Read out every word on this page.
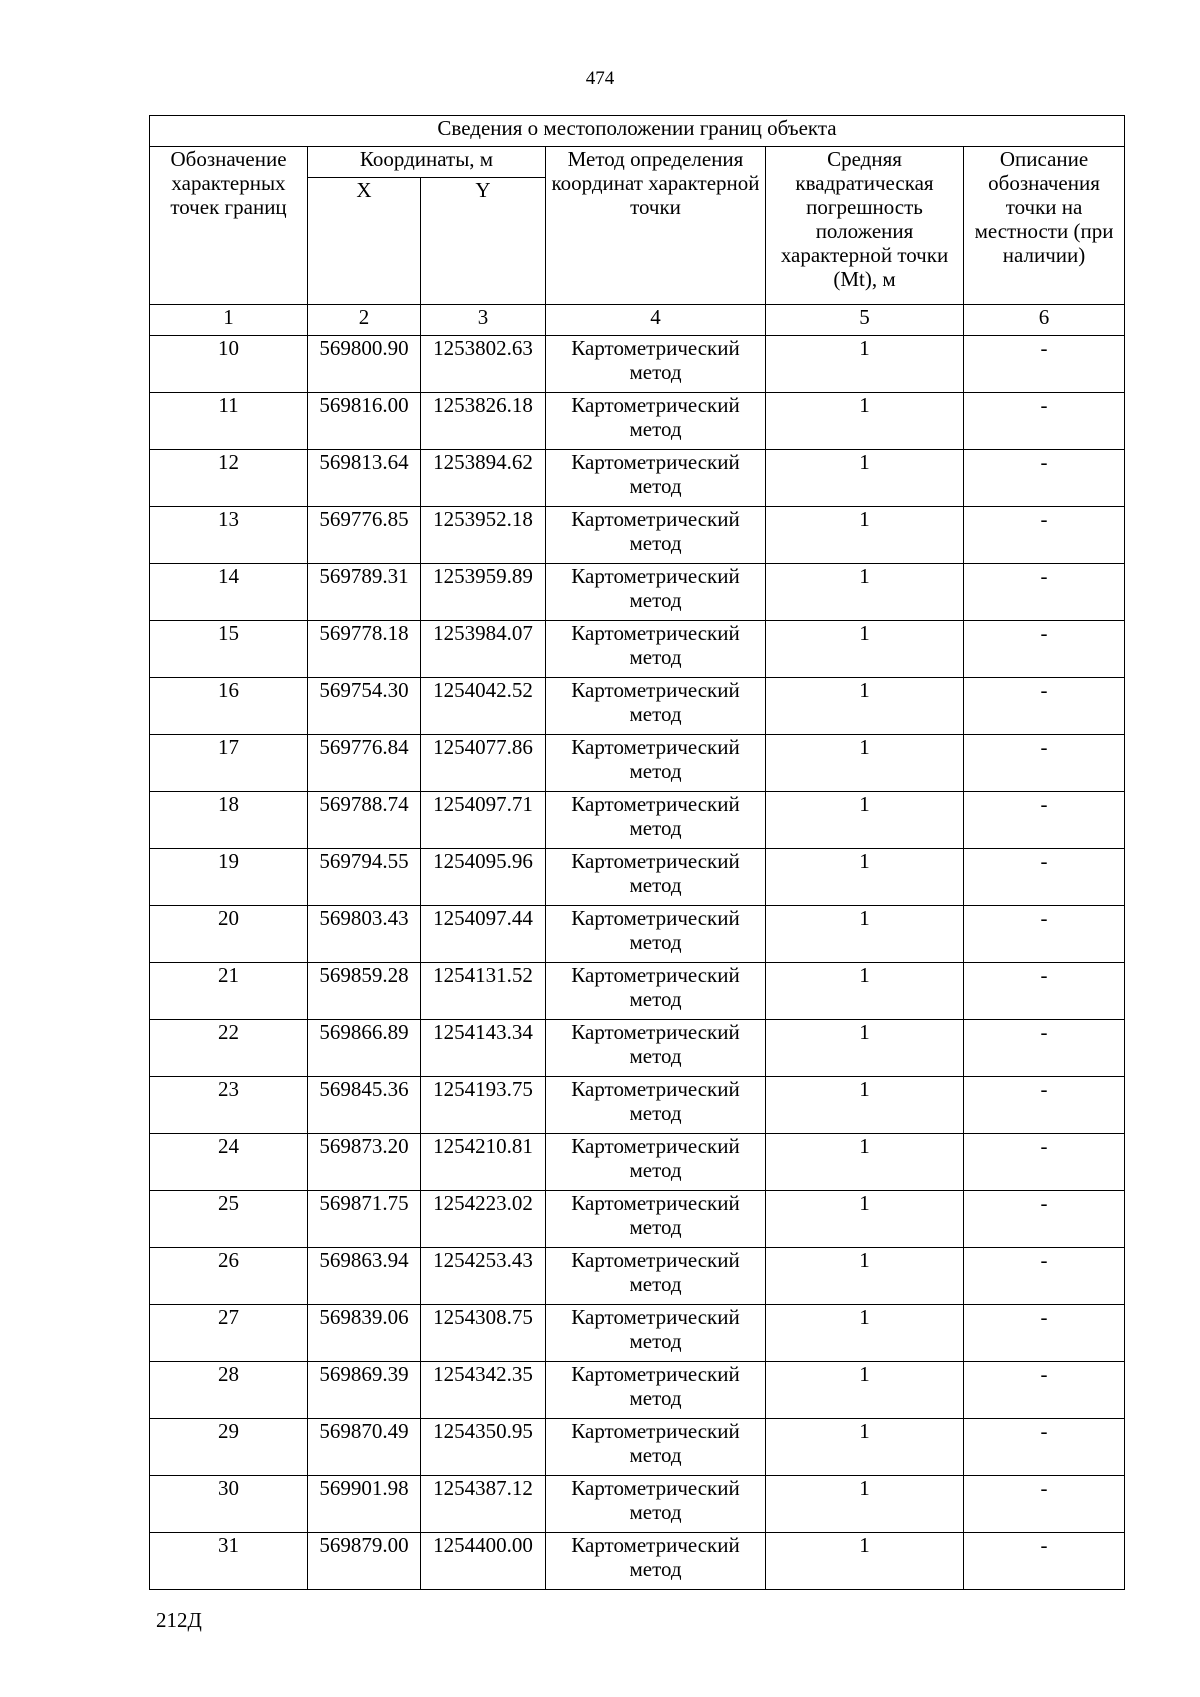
474
Сведения о местоположении границ объекта					
Обозначение характерных точек границ	Координаты, м		Метод определения координат характерной точки	Средняя квадратическая погрешность положения характерной точки (Mt), м	Описание обозначения точки на местности (при наличии)
	X	Y			
1	2	3	4	5	6
10	569800.90	1253802.63	Картометрический метод	1	-
11	569816.00	1253826.18	Картометрический метод	1	-
12	569813.64	1253894.62	Картометрический метод	1	-
13	569776.85	1253952.18	Картометрический метод	1	-
14	569789.31	1253959.89	Картометрический метод	1	-
15	569778.18	1253984.07	Картометрический метод	1	-
16	569754.30	1254042.52	Картометрический метод	1	-
17	569776.84	1254077.86	Картометрический метод	1	-
18	569788.74	1254097.71	Картометрический метод	1	-
19	569794.55	1254095.96	Картометрический метод	1	-
20	569803.43	1254097.44	Картометрический метод	1	-
21	569859.28	1254131.52	Картометрический метод	1	-
22	569866.89	1254143.34	Картометрический метод	1	-
23	569845.36	1254193.75	Картометрический метод	1	-
24	569873.20	1254210.81	Картометрический метод	1	-
25	569871.75	1254223.02	Картометрический метод	1	-
26	569863.94	1254253.43	Картометрический метод	1	-
27	569839.06	1254308.75	Картометрический метод	1	-
28	569869.39	1254342.35	Картометрический метод	1	-
29	569870.49	1254350.95	Картометрический метод	1	-
30	569901.98	1254387.12	Картометрический метод	1	-
31	569879.00	1254400.00	Картометрический метод	1	-
212Д
